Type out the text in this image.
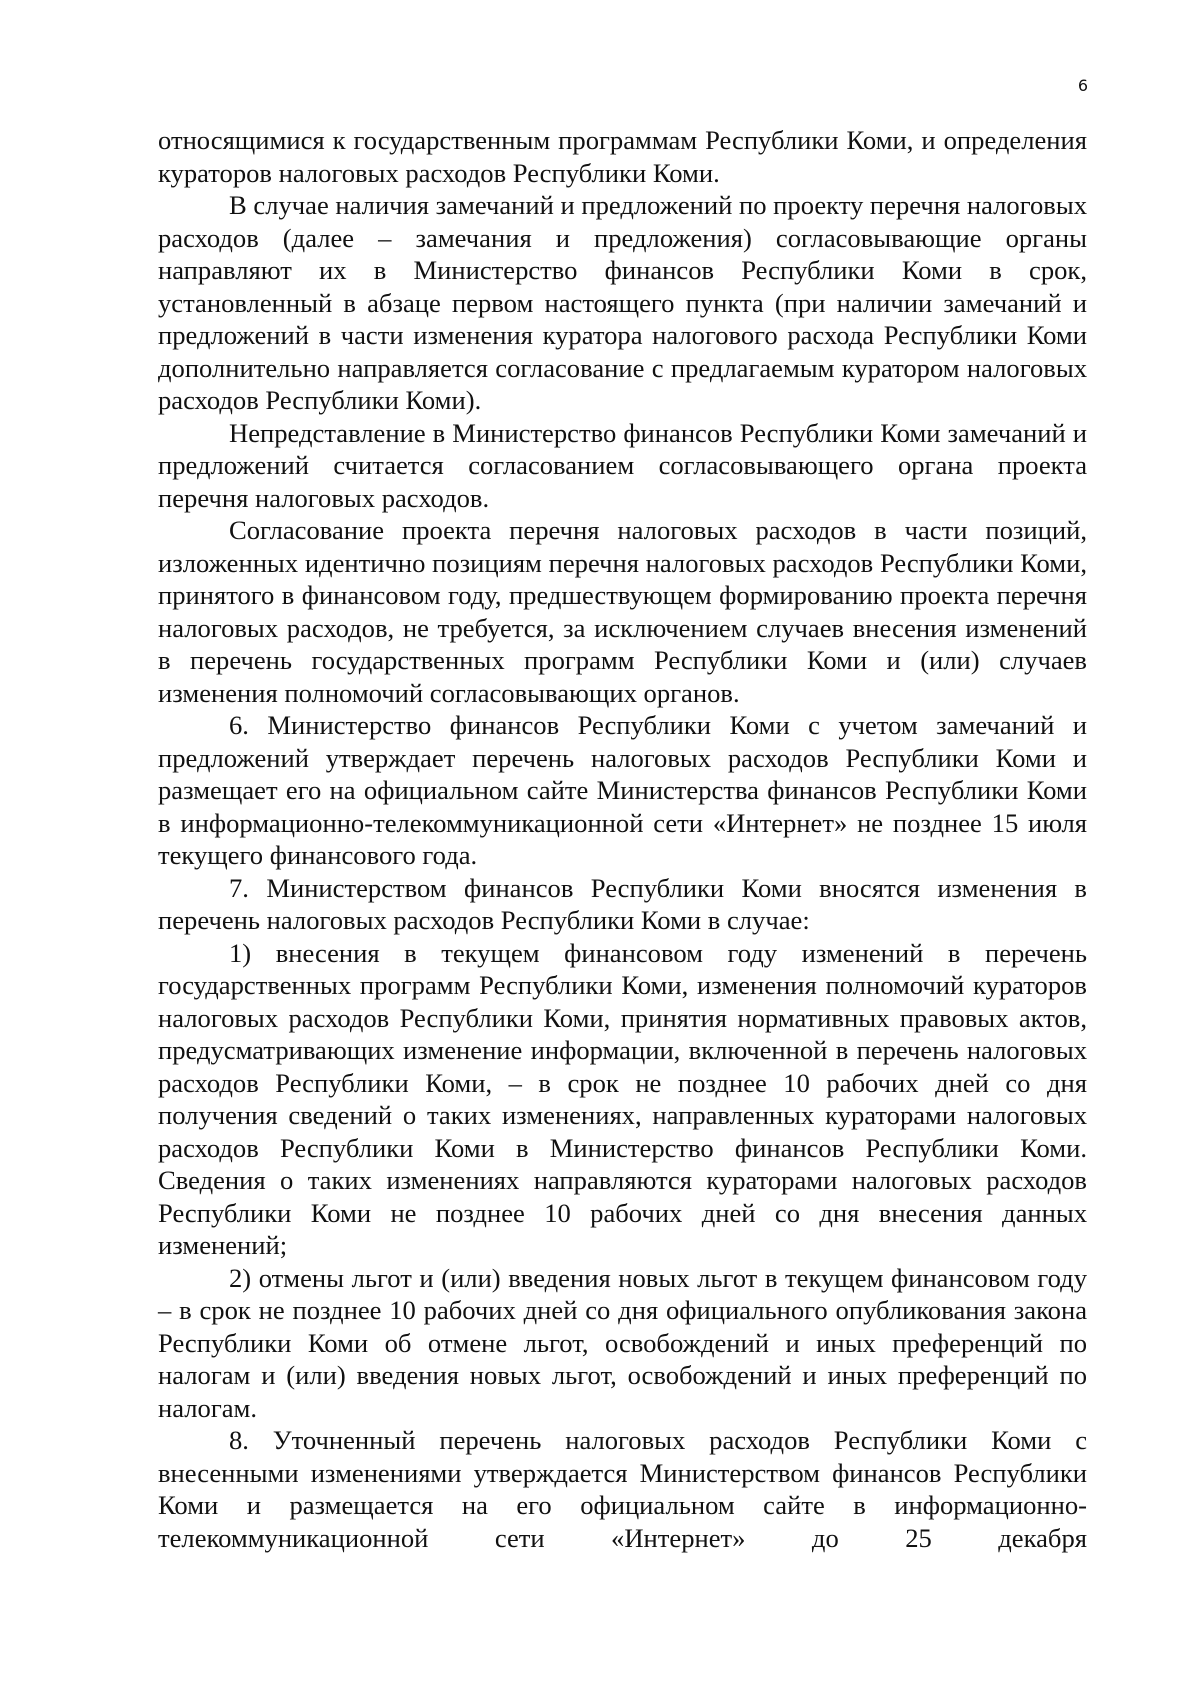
6

относящимися к государственным программам Республики Коми, и определения кураторов налоговых расходов Республики Коми.

В случае наличия замечаний и предложений по проекту перечня налоговых расходов (далее – замечания и предложения) согласовывающие органы направляют их в Министерство финансов Республики Коми в срок, установленный в абзаце первом настоящего пункта (при наличии замечаний и предложений в части изменения куратора налогового расхода Республики Коми дополнительно направляется согласование с предлагаемым куратором налоговых расходов Республики Коми).

Непредставление в Министерство финансов Республики Коми замечаний и предложений считается согласованием согласовывающего органа проекта перечня налоговых расходов.

Согласование проекта перечня налоговых расходов в части позиций, изложенных идентично позициям перечня налоговых расходов Республики Коми, принятого в финансовом году, предшествующем формированию проекта перечня налоговых расходов, не требуется, за исключением случаев внесения изменений в перечень государственных программ Республики Коми и (или) случаев изменения полномочий согласовывающих органов.

6. Министерство финансов Республики Коми с учетом замечаний и предложений утверждает перечень налоговых расходов Республики Коми и размещает его на официальном сайте Министерства финансов Республики Коми в информационно-телекоммуникационной сети «Интернет» не позднее 15 июля текущего финансового года.

7. Министерством финансов Республики Коми вносятся изменения в перечень налоговых расходов Республики Коми в случае:

1) внесения в текущем финансовом году изменений в перечень государственных программ Республики Коми, изменения полномочий кураторов налоговых расходов Республики Коми, принятия нормативных правовых актов, предусматривающих изменение информации, включенной в перечень налоговых расходов Республики Коми, – в срок не позднее 10 рабочих дней со дня получения сведений о таких изменениях, направленных кураторами налоговых расходов Республики Коми в Министерство финансов Республики Коми. Сведения о таких изменениях направляются кураторами налоговых расходов Республики Коми не позднее 10 рабочих дней со дня внесения данных изменений;

2) отмены льгот и (или) введения новых льгот в текущем финансовом году – в срок не позднее 10 рабочих дней со дня официального опубликования закона Республики Коми об отмене льгот, освобождений и иных преференций по налогам и (или) введения новых льгот, освобождений и иных преференций по налогам.

8. Уточненный перечень налоговых расходов Республики Коми с внесенными изменениями утверждается Министерством финансов Республики Коми и размещается на его официальном сайте в информационно-телекоммуникационной сети «Интернет» до 25 декабря
